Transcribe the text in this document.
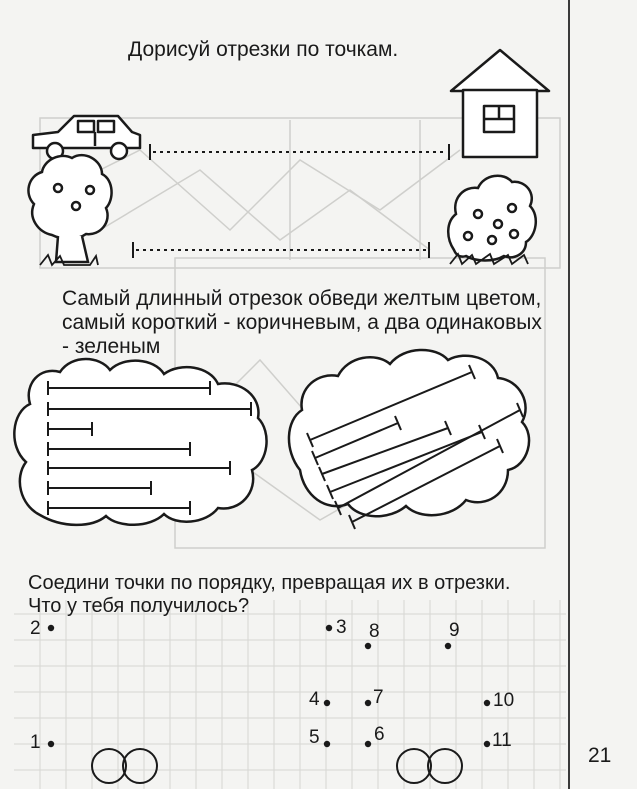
Дорисуй отрезки по точкам.
Самый длинный отрезок обведи желтым цветом, самый короткий - коричневым, а два одинаковых - зеленым
Соедини точки по порядку, превращая их в отрезки. Что у тебя получилось?
1
2	3
4
5	6
7
8	9
10
11
21
